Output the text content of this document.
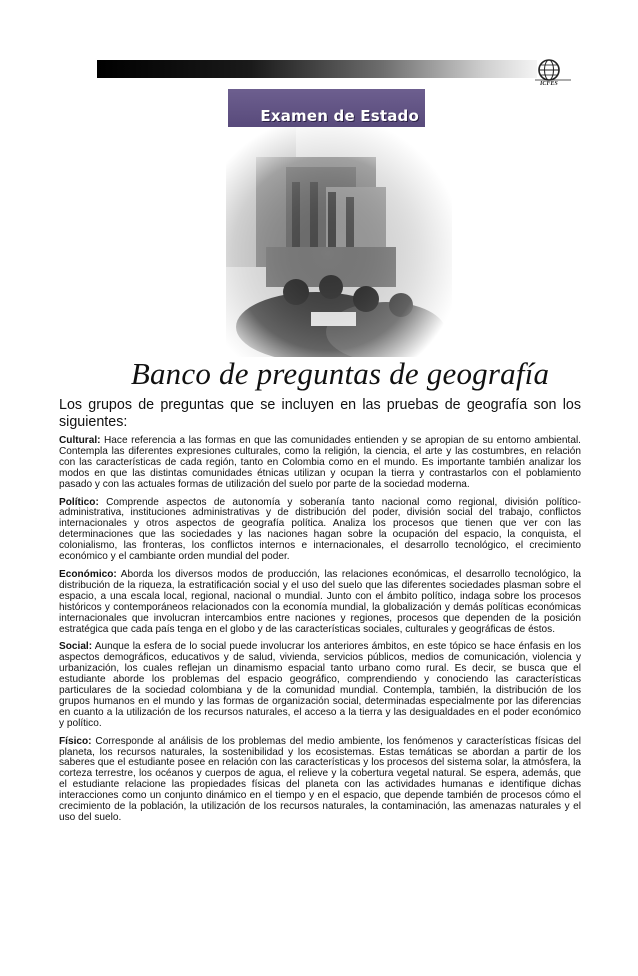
ICFES
Examen de Estado
Banco de preguntas de geografía
Los grupos de preguntas que se incluyen en las pruebas de geografía son los siguientes:

Cultural: Hace referencia a las formas en que las comunidades entienden y se apropian de su entorno ambiental. Contempla las diferentes expresiones culturales, como la religión, la ciencia, el arte y las costumbres, en relación con las características de cada región, tanto en Colombia como en el mundo. Es importante también analizar los modos en que las distintas comunidades étnicas utilizan y ocupan la tierra y contrastarlos con el poblamiento pasado y con las actuales formas de utilización del suelo por parte de la sociedad moderna.

Político: Comprende aspectos de autonomía y soberanía tanto nacional como regional, división político-administrativa, instituciones administrativas y de distribución del poder, división social del trabajo, conflictos internacionales y otros aspectos de geografía política. Analiza los procesos que tienen que ver con las determinaciones que las sociedades y las naciones hagan sobre la ocupación del espacio, la conquista, el colonialismo, las fronteras, los conflictos internos e internacionales, el desarrollo tecnológico, el crecimiento económico y el cambiante orden mundial del poder.

Económico: Aborda los diversos modos de producción, las relaciones económicas, el desarrollo tecnológico, la distribución de la riqueza, la estratificación social y el uso del suelo que las diferentes sociedades plasman sobre el espacio, a una escala local, regional, nacional o mundial. Junto con el ámbito político, indaga sobre los procesos históricos y contemporáneos relacionados con la economía mundial, la globalización y demás políticas económicas internacionales que involucran intercambios entre naciones y regiones, procesos que dependen de la posición estratégica que cada país tenga en el globo y de las características sociales, culturales y geográficas de éstos.

Social: Aunque la esfera de lo social puede involucrar los anteriores ámbitos, en este tópico se hace énfasis en los aspectos demográficos, educativos y de salud, vivienda, servicios públicos, medios de comunicación, violencia y urbanización, los cuales reflejan un dinamismo espacial tanto urbano como rural. Es decir, se busca que el estudiante aborde los problemas del espacio geográfico, comprendiendo y conociendo las características particulares de la sociedad colombiana y de la comunidad mundial. Contempla, también, la distribución de los grupos humanos en el mundo y las formas de organización social, determinadas especialmente por las diferencias en cuanto a la utilización de los recursos naturales, el acceso a la tierra y las desigualdades en el poder económico y político.

Físico: Corresponde al análisis de los problemas del medio ambiente, los fenómenos y características físicas del planeta, los recursos naturales, la sostenibilidad y los ecosistemas. Estas temáticas se abordan a partir de los saberes que el estudiante posee en relación con las características y los procesos del sistema solar, la atmósfera, la corteza terrestre, los océanos y cuerpos de agua, el relieve y la cobertura vegetal natural. Se espera, además, que el estudiante relacione las propiedades físicas del planeta con las actividades humanas e identifique dichas interacciones como un conjunto dinámico en el tiempo y en el espacio, que depende también de procesos cómo el crecimiento de la población, la utilización de los recursos naturales, la contaminación, las amenazas naturales y el uso del suelo.
